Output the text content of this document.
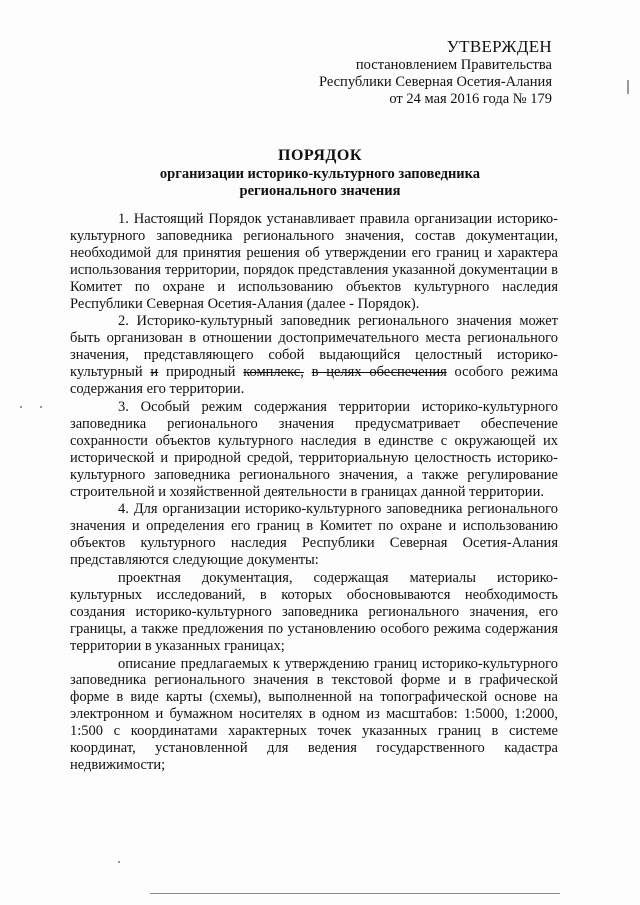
УТВЕРЖДЕН
постановлением Правительства
Республики Северная Осетия-Алания
от 24 мая 2016 года № 179
ПОРЯДОК
организации историко-культурного заповедника
регионального значения

1. Настоящий Порядок устанавливает правила организации историко-культурного заповедника регионального значения, состав документации, необходимой для принятия решения об утверждении его границ и характера использования территории, порядок представления указанной документации в Комитет по охране и использованию объектов культурного наследия Республики Северная Осетия-Алания (далее - Порядок).

2. Историко-культурный заповедник регионального значения может быть организован в отношении достопримечательного места регионального значения, представляющего собой выдающийся целостный историко-культурный и природный комплекс, в целях обеспечения особого режима содержания его территории.

3. Особый режим содержания территории историко-культурного заповедника регионального значения предусматривает обеспечение сохранности объектов культурного наследия в единстве с окружающей их исторической и природной средой, территориальную целостность историко-культурного заповедника регионального значения, а также регулирование строительной и хозяйственной деятельности в границах данной территории.

4. Для организации историко-культурного заповедника регионального значения и определения его границ в Комитет по охране и использованию объектов культурного наследия Республики Северная Осетия-Алания представляются следующие документы:

проектная документация, содержащая материалы историко-культурных исследований, в которых обосновываются необходимость создания историко-культурного заповедника регионального значения, его границы, а также предложения по установлению особого режима содержания территории в указанных границах;

описание предлагаемых к утверждению границ историко-культурного заповедника регионального значения в текстовой форме и в графической форме в виде карты (схемы), выполненной на топографической основе на электронном и бумажном носителях в одном из масштабов: 1:5000, 1:2000, 1:500 с координатами характерных точек указанных границ в системе координат, установленной для ведения государственного кадастра недвижимости;
